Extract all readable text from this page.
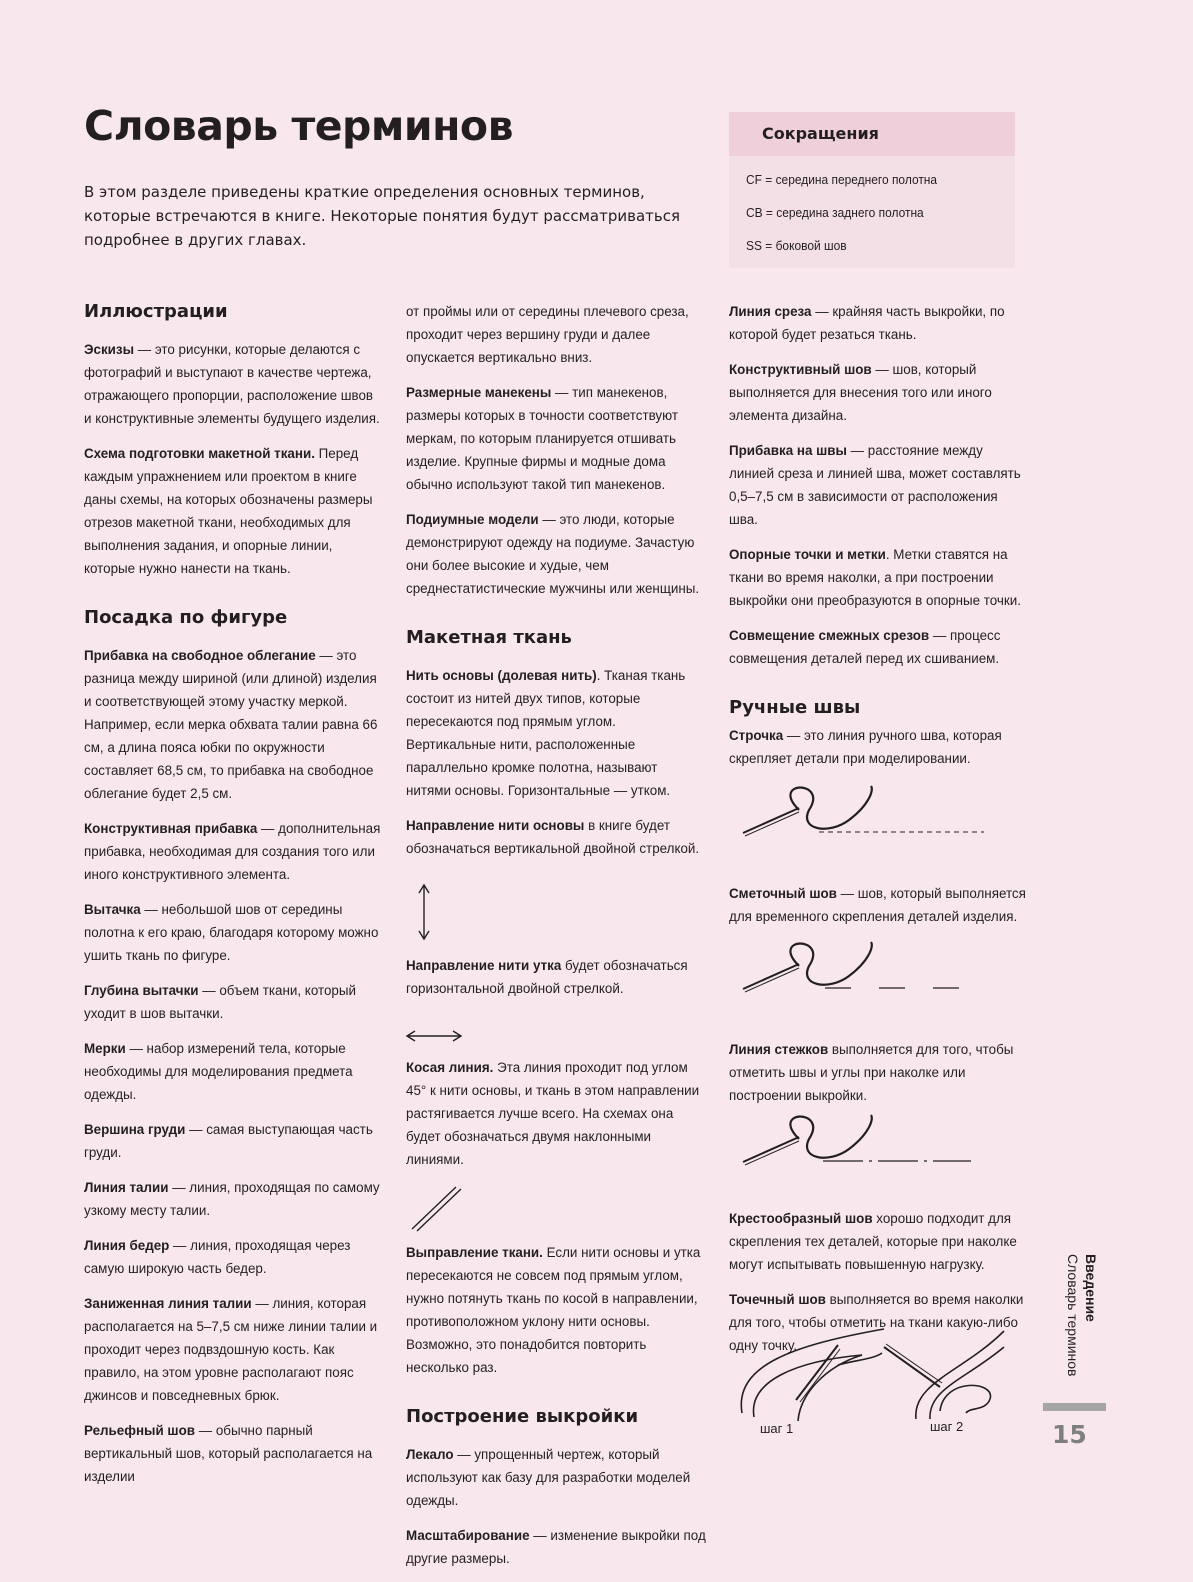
Словарь терминов
В этом разделе приведены краткие определения основных терминов, которые встречаются в книге. Некоторые понятия будут рассматриваться подробнее в других главах.
Сокращения
CF = середина переднего полотна
CB = середина заднего полотна
SS = боковой шов
Иллюстрации

Эскизы — это рисунки, которые делаются с фотографий и выступают в качестве чертежа, отражающего пропорции, расположение швов и конструктивные элементы будущего изделия.

Схема подготовки макетной ткани. Перед каждым упражнением или проектом в книге даны схемы, на которых обозначены размеры отрезов макетной ткани, необходимых для выполнения задания, и опорные линии, которые нужно нанести на ткань.

Посадка по фигуре

Прибавка на свободное облегание — это разница между шириной (или длиной) изделия и соответствующей этому участку меркой. Например, если мерка обхвата талии равна 66 см, а длина пояса юбки по окружности составляет 68,5 см, то прибавка на свободное облегание будет 2,5 см.

Конструктивная прибавка — дополнительная прибавка, необходимая для создания того или иного конструктивного элемента.

Вытачка — небольшой шов от середины полотна к его краю, благодаря которому можно ушить ткань по фигуре.

Глубина вытачки — объем ткани, который уходит в шов вытачки.

Мерки — набор измерений тела, которые необходимы для моделирования предмета одежды.

Вершина груди — самая выступающая часть груди.

Линия талии — линия, проходящая по самому узкому месту талии.

Линия бедер — линия, проходящая через самую широкую часть бедер.

Заниженная линия талии — линия, которая располагается на 5–7,5 см ниже линии талии и проходит через подвздошную кость. Как правило, на этом уровне располагают пояс джинсов и повседневных брюк.

Рельефный шов — обычно парный вертикальный шов, который располагается на изделии

от проймы или от середины плечевого среза, проходит через вершину груди и далее опускается вертикально вниз.

Размерные манекены — тип манекенов, размеры которых в точности соответствуют меркам, по которым планируется отшивать изделие. Крупные фирмы и модные дома обычно используют такой тип манекенов.

Подиумные модели — это люди, которые демонстрируют одежду на подиуме. Зачастую они более высокие и худые, чем среднестатистические мужчины или женщины.

Макетная ткань

Нить основы (долевая нить). Тканая ткань состоит из нитей двух типов, которые пересекаются под прямым углом. Вертикальные нити, расположенные параллельно кромке полотна, называют нитями основы. Горизонтальные — утком.

Направление нити основы в книге будет обозначаться вертикальной двойной стрелкой.

Направление нити утка будет обозначаться горизонтальной двойной стрелкой.

Косая линия. Эта линия проходит под углом 45° к нити основы, и ткань в этом направлении растягивается лучше всего. На схемах она будет обозначаться двумя наклонными линиями.

Выправление ткани. Если нити основы и утка пересекаются не совсем под прямым углом, нужно потянуть ткань по косой в направлении, противоположном уклону нити основы. Возможно, это понадобится повторить несколько раз.

Построение выкройки

Лекало — упрощенный чертеж, который используют как базу для разработки моделей одежды.

Масштабирование — изменение выкройки под другие размеры.

Линия среза — крайняя часть выкройки, по которой будет резаться ткань.

Конструктивный шов — шов, который выполняется для внесения того или иного элемента дизайна.

Прибавка на швы — расстояние между линией среза и линией шва, может составлять 0,5–7,5 см в зависимости от расположения шва.

Опорные точки и метки. Метки ставятся на ткани во время наколки, а при построении выкройки они преобразуются в опорные точки.

Совмещение смежных срезов — процесс совмещения деталей перед их сшиванием.

Ручные швы

Строчка — это линия ручного шва, которая скрепляет детали при моделировании.

Сметочный шов — шов, который выполняется для временного скрепления деталей изделия.

Линия стежков выполняется для того, чтобы отметить швы и углы при наколке или построении выкройки.

Крестообразный шов хорошо подходит для скрепления тех деталей, которые при наколке могут испытывать повышенную нагрузку.

Точечный шов выполняется во время наколки для того, чтобы отметить на ткани какую-либо одну точку.

шаг 1	шаг 2
Введение
Словарь терминов
15
